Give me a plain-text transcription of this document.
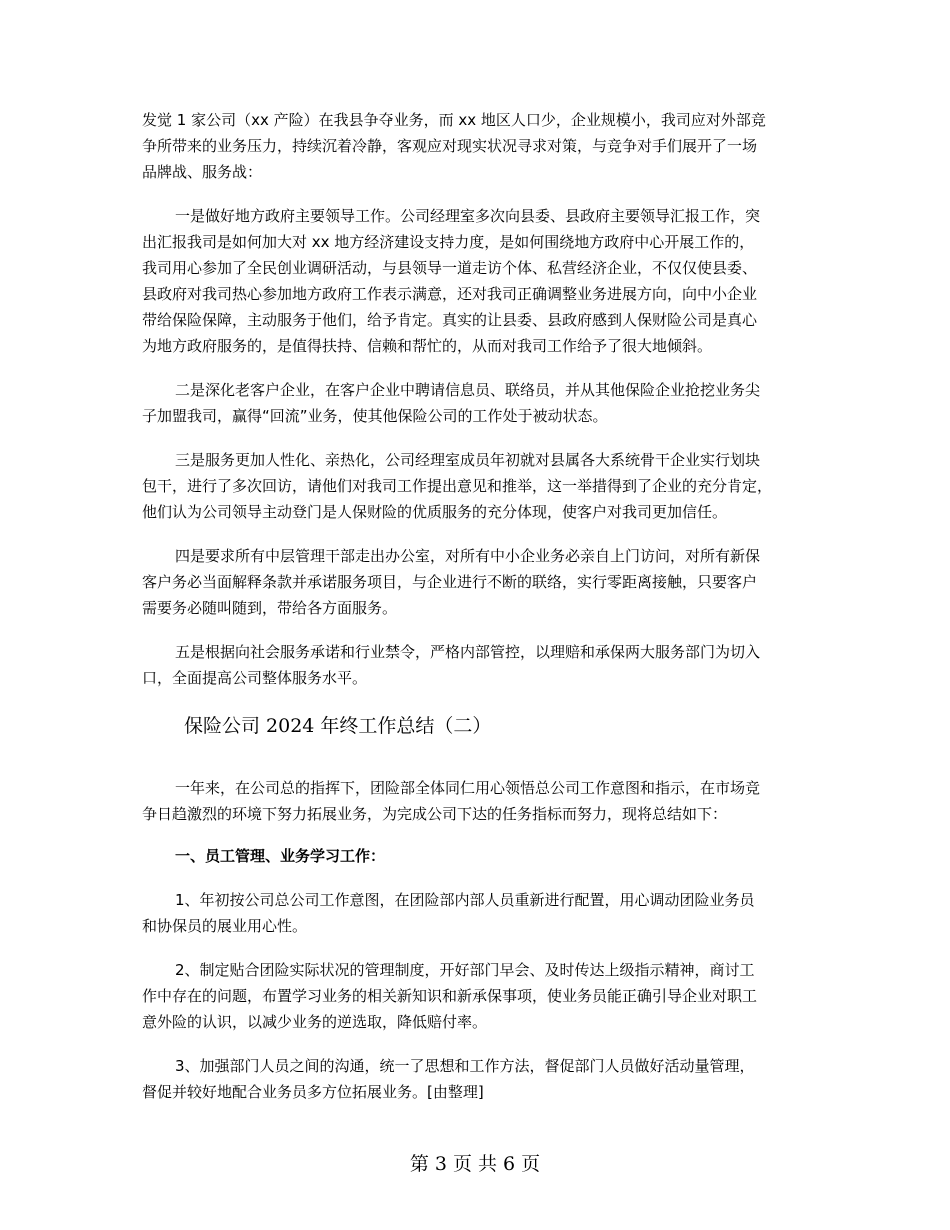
发觉 1 家公司（xx 产险）在我县争夺业务，而 xx 地区人口少，企业规模小，我司应对外部竞
争所带来的业务压力，持续沉着冷静，客观应对现实状况寻求对策，与竞争对手们展开了一场
品牌战、服务战：
一是做好地方政府主要领导工作。公司经理室多次向县委、县政府主要领导汇报工作，突
出汇报我司是如何加大对 xx 地方经济建设支持力度，是如何围绕地方政府中心开展工作的，
我司用心参加了全民创业调研活动，与县领导一道走访个体、私营经济企业，不仅仅使县委、
县政府对我司热心参加地方政府工作表示满意，还对我司正确调整业务进展方向，向中小企业
带给保险保障，主动服务于他们，给予肯定。真实的让县委、县政府感到人保财险公司是真心
为地方政府服务的，是值得扶持、信赖和帮忙的，从而对我司工作给予了很大地倾斜。
二是深化老客户企业，在客户企业中聘请信息员、联络员，并从其他保险企业抢挖业务尖
子加盟我司，赢得“回流”业务，使其他保险公司的工作处于被动状态。
三是服务更加人性化、亲热化，公司经理室成员年初就对县属各大系统骨干企业实行划块
包干，进行了多次回访，请他们对我司工作提出意见和推举，这一举措得到了企业的充分肯定，
他们认为公司领导主动登门是人保财险的优质服务的充分体现，使客户对我司更加信任。
四是要求所有中层管理干部走出办公室，对所有中小企业务必亲自上门访问，对所有新保
客户务必当面解释条款并承诺服务项目，与企业进行不断的联络，实行零距离接触，只要客户
需要务必随叫随到，带给各方面服务。
五是根据向社会服务承诺和行业禁令，严格内部管控，以理赔和承保两大服务部门为切入
口，全面提高公司整体服务水平。
保险公司 2024 年终工作总结（二）
一年来，在公司总的指挥下，团险部全体同仁用心领悟总公司工作意图和指示，在市场竞
争日趋激烈的环境下努力拓展业务，为完成公司下达的任务指标而努力，现将总结如下：
一、员工管理、业务学习工作：
1、年初按公司总公司工作意图，在团险部内部人员重新进行配置，用心调动团险业务员
和协保员的展业用心性。
2、制定贴合团险实际状况的管理制度，开好部门早会、及时传达上级指示精神，商讨工
作中存在的问题，布置学习业务的相关新知识和新承保事项，使业务员能正确引导企业对职工
意外险的认识，以减少业务的逆选取，降低赔付率。
3、加强部门人员之间的沟通，统一了思想和工作方法，督促部门人员做好活动量管理，
督促并较好地配合业务员多方位拓展业务。[由整理]
第 3 页 共 6 页
